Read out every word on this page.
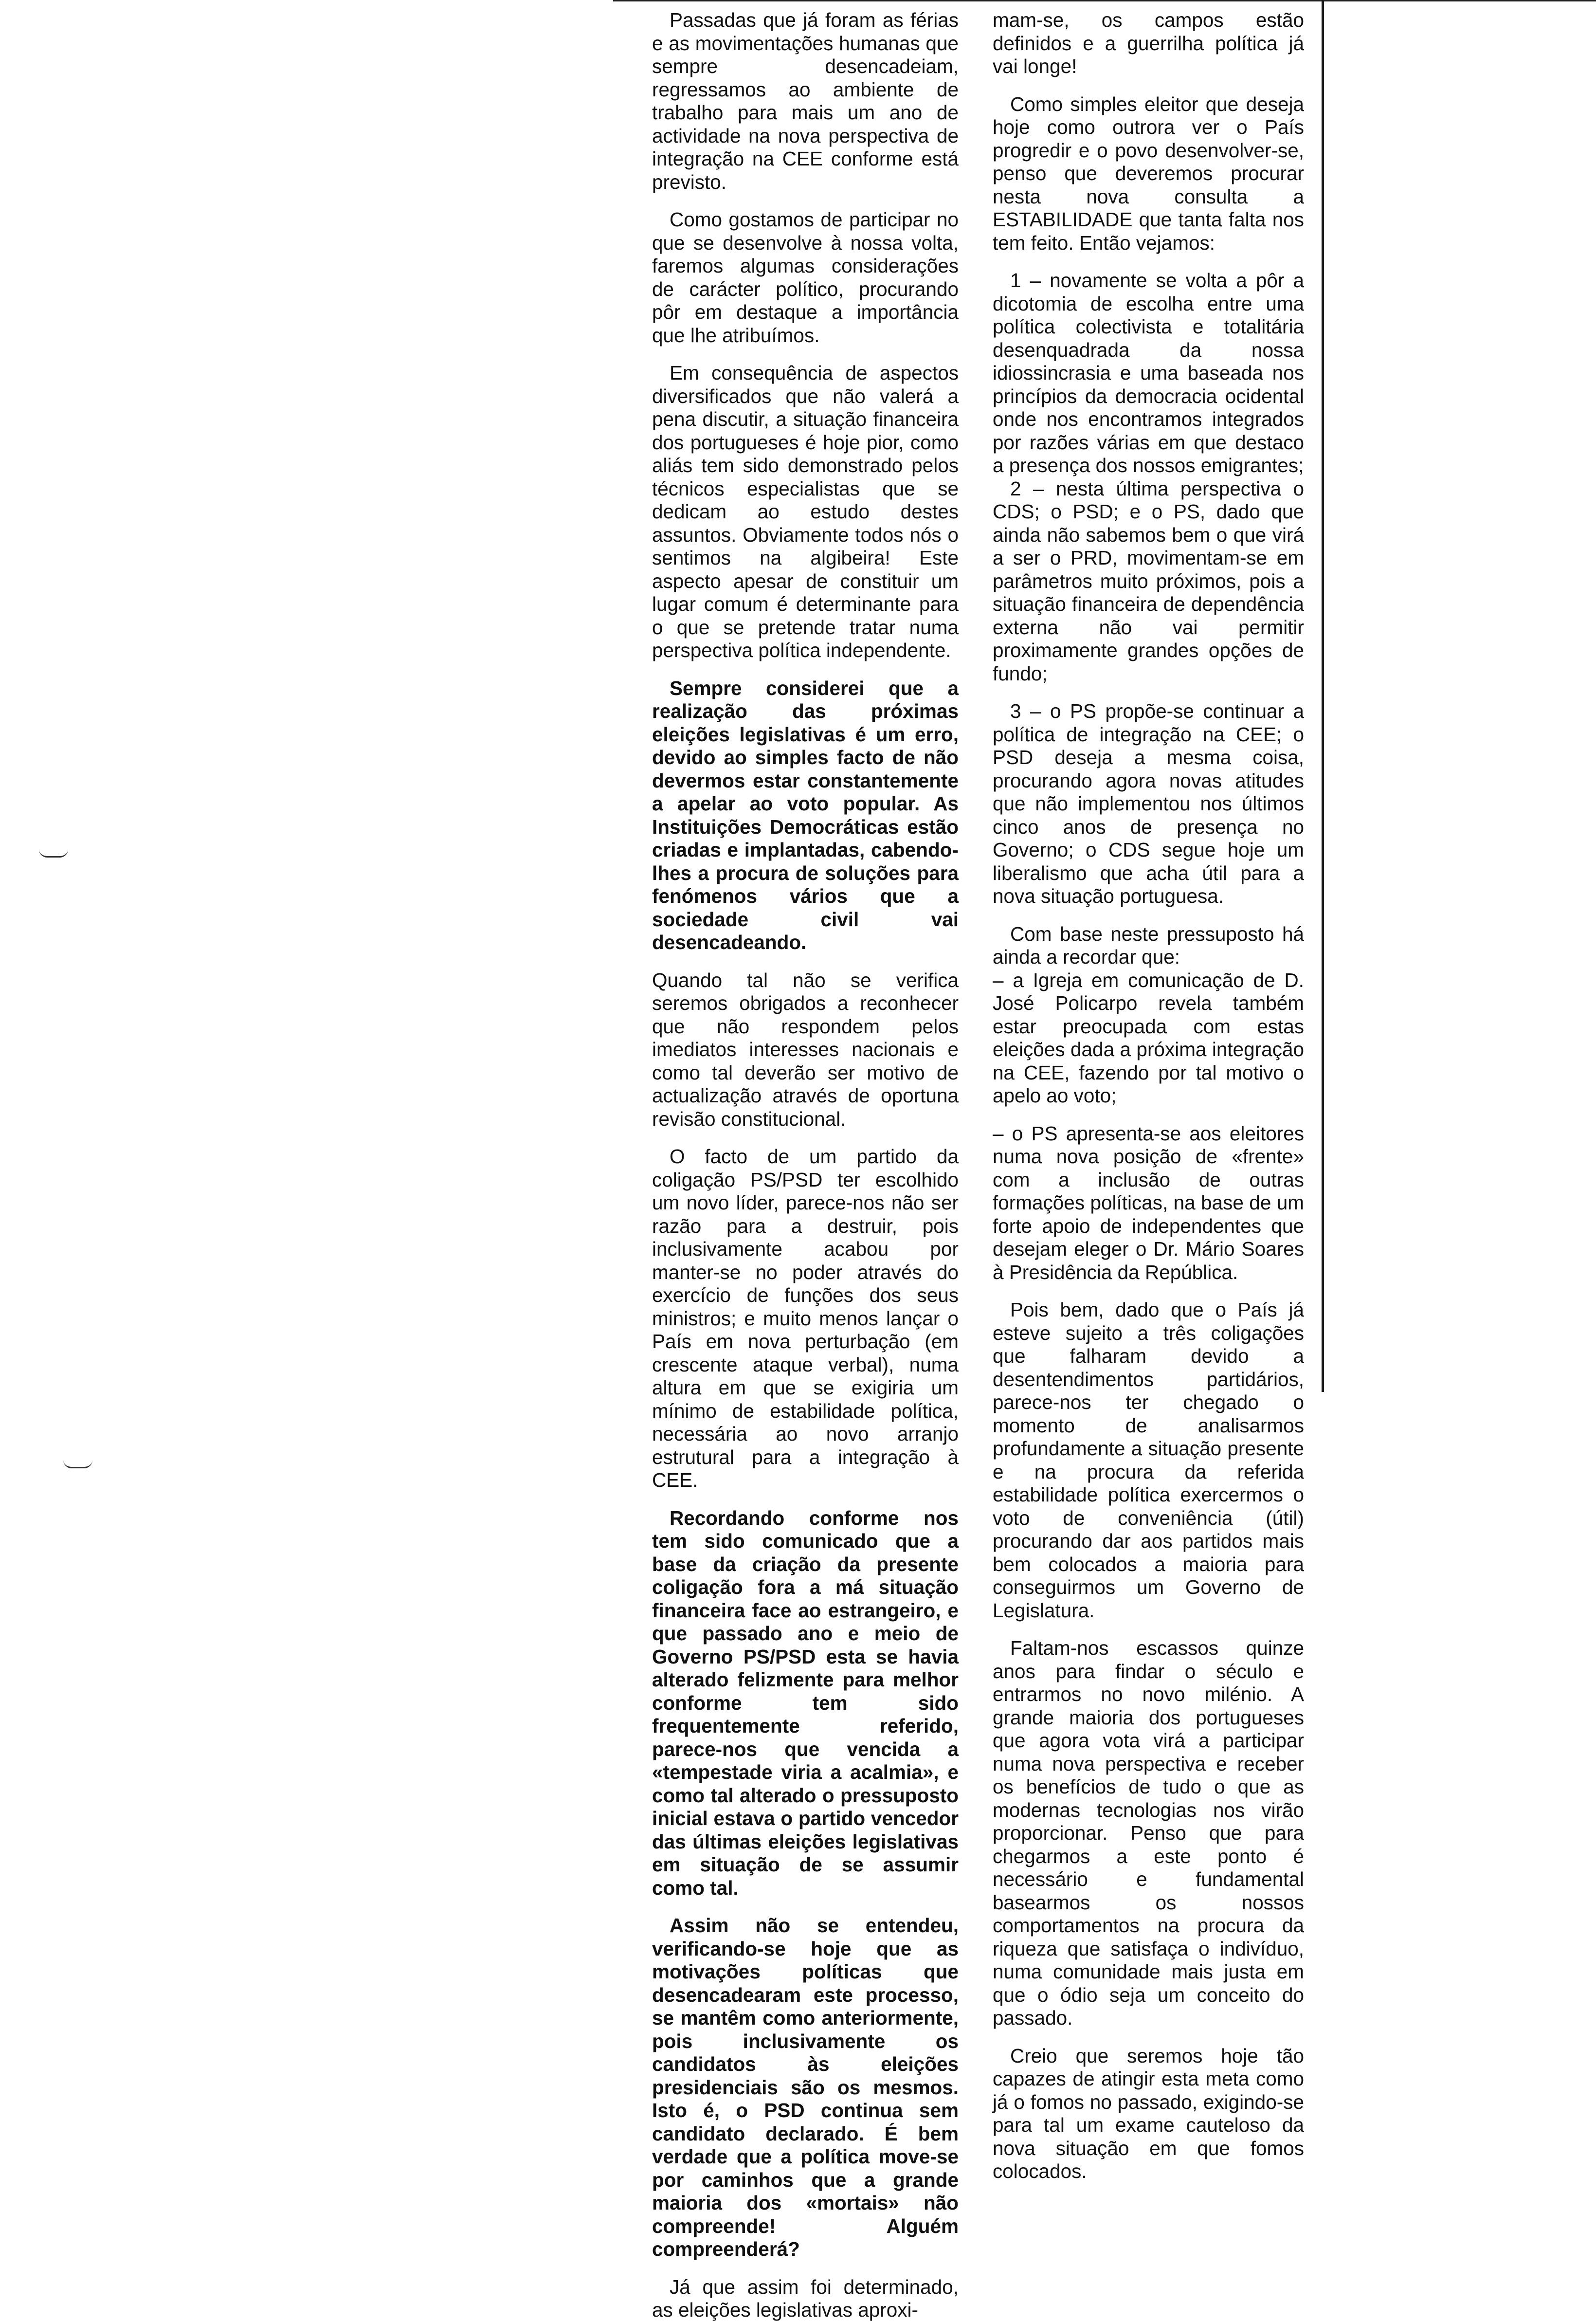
Passadas que já foram as férias e as movimentações humanas que sempre desencadeiam, regressamos ao ambiente de trabalho para mais um ano de actividade na nova perspectiva de integração na CEE conforme está previsto.

Como gostamos de participar no que se desenvolve à nossa volta, faremos algumas considerações de carácter político, procurando pôr em destaque a importância que lhe atribuímos.

Em consequência de aspectos diversificados que não valerá a pena discutir, a situação financeira dos portugueses é hoje pior, como aliás tem sido demonstrado pelos técnicos especialistas que se dedicam ao estudo destes assuntos. Obviamente todos nós o sentimos na algibeira! Este aspecto apesar de constituir um lugar comum é determinante para o que se pretende tratar numa perspectiva política independente.

Sempre considerei que a realização das próximas eleições legislativas é um erro, devido ao simples facto de não devermos estar constantemente a apelar ao voto popular. As Instituições Democráticas estão criadas e implantadas, cabendo-lhes a procura de soluções para fenómenos vários que a sociedade civil vai desencadeando.

Quando tal não se verifica seremos obrigados a reconhecer que não respondem pelos imediatos interesses nacionais e como tal deverão ser motivo de actualização através de oportuna revisão constitucional.

O facto de um partido da coligação PS/PSD ter escolhido um novo líder, parece-nos não ser razão para a destruir, pois inclusivamente acabou por manter-se no poder através do exercício de funções dos seus ministros; e muito menos lançar o País em nova perturbação (em crescente ataque verbal), numa altura em que se exigiria um mínimo de estabilidade política, necessária ao novo arranjo estrutural para a integração à CEE.

Recordando conforme nos tem sido comunicado que a base da criação da presente coligação fora a má situação financeira face ao estrangeiro, e que passado ano e meio de Governo PS/PSD esta se havia alterado felizmente para melhor conforme tem sido frequentemente referido, parece-nos que vencida a «tempestade viria a acalmia», e como tal alterado o pressuposto inicial estava o partido vencedor das últimas eleições legislativas em situação de se assumir como tal.

Assim não se entendeu, verificando-se hoje que as motivações políticas que desencadearam este processo, se mantêm como anteriormente, pois inclusivamente os candidatos às eleições presidenciais são os mesmos. Isto é, o PSD continua sem candidato declarado. É bem verdade que a política move-se por caminhos que a grande maioria dos «mortais» não compreende! Alguém compreenderá?

Já que assim foi determinado, as eleições legislativas aproxi-

mam-se, os campos estão definidos e a guerrilha política já vai longe!

Como simples eleitor que deseja hoje como outrora ver o País progredir e o povo desenvolver-se, penso que deveremos procurar nesta nova consulta a ESTABILIDADE que tanta falta nos tem feito. Então vejamos:

1 – novamente se volta a pôr a dicotomia de escolha entre uma política colectivista e totalitária desenquadrada da nossa idiossincrasia e uma baseada nos princípios da democracia ocidental onde nos encontramos integrados por razões várias em que destaco a presença dos nossos emigrantes;

2 – nesta última perspectiva o CDS; o PSD; e o PS, dado que ainda não sabemos bem o que virá a ser o PRD, movimentam-se em parâmetros muito próximos, pois a situação financeira de dependência externa não vai permitir proximamente grandes opções de fundo;

3 – o PS propõe-se continuar a política de integração na CEE; o PSD deseja a mesma coisa, procurando agora novas atitudes que não implementou nos últimos cinco anos de presença no Governo; o CDS segue hoje um liberalismo que acha útil para a nova situação portuguesa.

Com base neste pressuposto há ainda a recordar que:

– a Igreja em comunicação de D. José Policarpo revela também estar preocupada com estas eleições dada a próxima integração na CEE, fazendo por tal motivo o apelo ao voto;

– o PS apresenta-se aos eleitores numa nova posição de «frente» com a inclusão de outras formações políticas, na base de um forte apoio de independentes que desejam eleger o Dr. Mário Soares à Presidência da República.

Pois bem, dado que o País já esteve sujeito a três coligações que falharam devido a desentendimentos partidários, parece-nos ter chegado o momento de analisarmos profundamente a situação presente e na procura da referida estabilidade política exercermos o voto de conveniência (útil) procurando dar aos partidos mais bem colocados a maioria para conseguirmos um Governo de Legislatura.

Faltam-nos escassos quinze anos para findar o século e entrarmos no novo milénio. A grande maioria dos portugueses que agora vota virá a participar numa nova perspectiva e receber os benefícios de tudo o que as modernas tecnologias nos virão proporcionar. Penso que para chegarmos a este ponto é necessário e fundamental basearmos os nossos comportamentos na procura da riqueza que satisfaça o indivíduo, numa comunidade mais justa em que o ódio seja um conceito do passado.

Creio que seremos hoje tão capazes de atingir esta meta como já o fomos no passado, exigindo-se para tal um exame cauteloso da nova situação em que fomos colocados.
